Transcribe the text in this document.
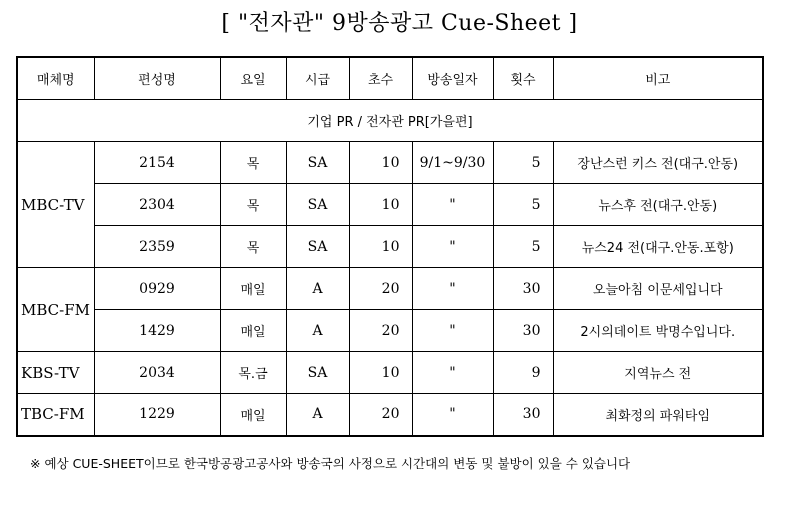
[ "전자관" 9방송광고 Cue-Sheet ]
매체명	편성명	요일	시급	초수	방송일자	횟수	비고
기업 PR / 전자관 PR[가을편]							
MBC-TV	2154	목	SA	10	9/1~9/30	5	장난스런 키스 전(대구.안동)
	2304	목	SA	10	"	5	뉴스후 전(대구.안동)
	2359	목	SA	10	"	5	뉴스24 전(대구.안동.포항)
MBC-FM	0929	매일	A	20	"	30	오늘아침 이문세입니다
	1429	매일	A	20	"	30	2시의데이트 박명수입니다.
KBS-TV	2034	목.금	SA	10	"	9	지역뉴스 전
TBC-FM	1229	매일	A	20	"	30	최화정의 파워타임
※ 예상 CUE-SHEET이므로 한국방공광고공사와 방송국의 사정으로 시간대의 변동 및 불방이 있을 수 있습니다
